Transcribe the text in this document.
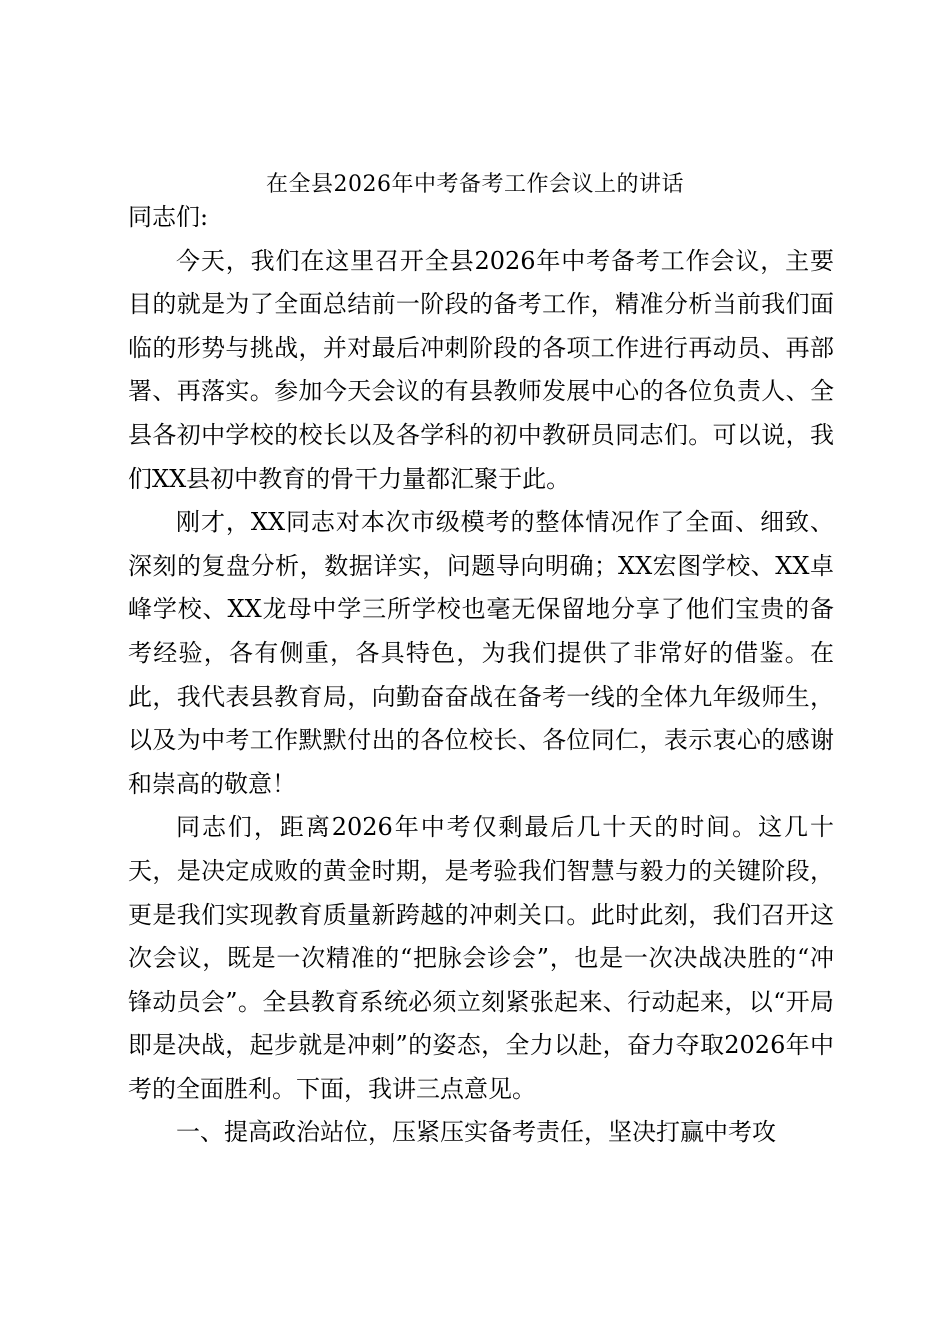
在全县2026年中考备考工作会议上的讲话

同志们:

今天，我们在这里召开全县2026年中考备考工作会议，主要目的就是为了全面总结前一阶段的备考工作，精准分析当前我们面临的形势与挑战，并对最后冲刺阶段的各项工作进行再动员、再部署、再落实。参加今天会议的有县教师发展中心的各位负责人、全县各初中学校的校长以及各学科的初中教研员同志们。可以说，我们XX县初中教育的骨干力量都汇聚于此。

刚才，XX同志对本次市级模考的整体情况作了全面、细致、深刻的复盘分析，数据详实，问题导向明确；XX宏图学校、XX卓峰学校、XX龙母中学三所学校也毫无保留地分享了他们宝贵的备考经验，各有侧重，各具特色，为我们提供了非常好的借鉴。在此，我代表县教育局，向勤奋奋战在备考一线的全体九年级师生，以及为中考工作默默付出的各位校长、各位同仁，表示衷心的感谢和崇高的敬意！

同志们，距离2026年中考仅剩最后几十天的时间。这几十天，是决定成败的黄金时期，是考验我们智慧与毅力的关键阶段，更是我们实现教育质量新跨越的冲刺关口。此时此刻，我们召开这次会议，既是一次精准的“把脉会诊会”，也是一次决战决胜的“冲锋动员会”。全县教育系统必须立刻紧张起来、行动起来，以“开局即是决战，起步就是冲刺”的姿态，全力以赴，奋力夺取2026年中考的全面胜利。下面，我讲三点意见。

一、提高政治站位，压紧压实备考责任，坚决打赢中考攻
